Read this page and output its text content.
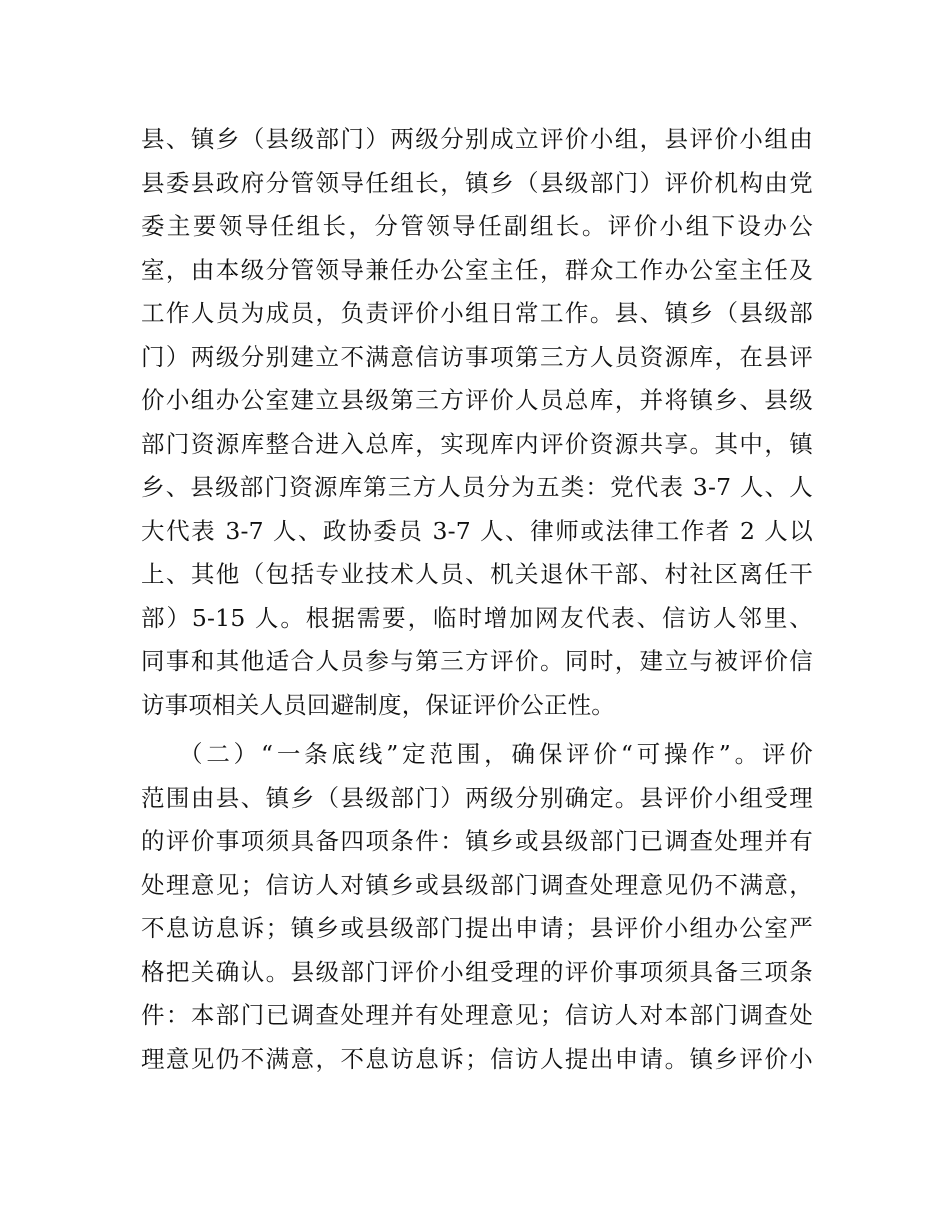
县、镇乡（县级部门）两级分别成立评价小组，县评价小组由
县委县政府分管领导任组长，镇乡（县级部门）评价机构由党
委主要领导任组长，分管领导任副组长。评价小组下设办公
室，由本级分管领导兼任办公室主任，群众工作办公室主任及
工作人员为成员，负责评价小组日常工作。县、镇乡（县级部
门）两级分别建立不满意信访事项第三方人员资源库，在县评
价小组办公室建立县级第三方评价人员总库，并将镇乡、县级
部门资源库整合进入总库，实现库内评价资源共享。其中，镇
乡、县级部门资源库第三方人员分为五类：党代表 3-7 人、人
大代表 3-7 人、政协委员 3-7 人、律师或法律工作者 2 人以
上、其他（包括专业技术人员、机关退休干部、村社区离任干
部）5-15 人。根据需要，临时增加网友代表、信访人邻里、
同事和其他适合人员参与第三方评价。同时，建立与被评价信
访事项相关人员回避制度，保证评价公正性。
（二）“一条底线”定范围，确保评价“可操作”。评价
范围由县、镇乡（县级部门）两级分别确定。县评价小组受理
的评价事项须具备四项条件：镇乡或县级部门已调查处理并有
处理意见；信访人对镇乡或县级部门调查处理意见仍不满意，
不息访息诉；镇乡或县级部门提出申请；县评价小组办公室严
格把关确认。县级部门评价小组受理的评价事项须具备三项条
件：本部门已调查处理并有处理意见；信访人对本部门调查处
理意见仍不满意，不息访息诉；信访人提出申请。镇乡评价小
